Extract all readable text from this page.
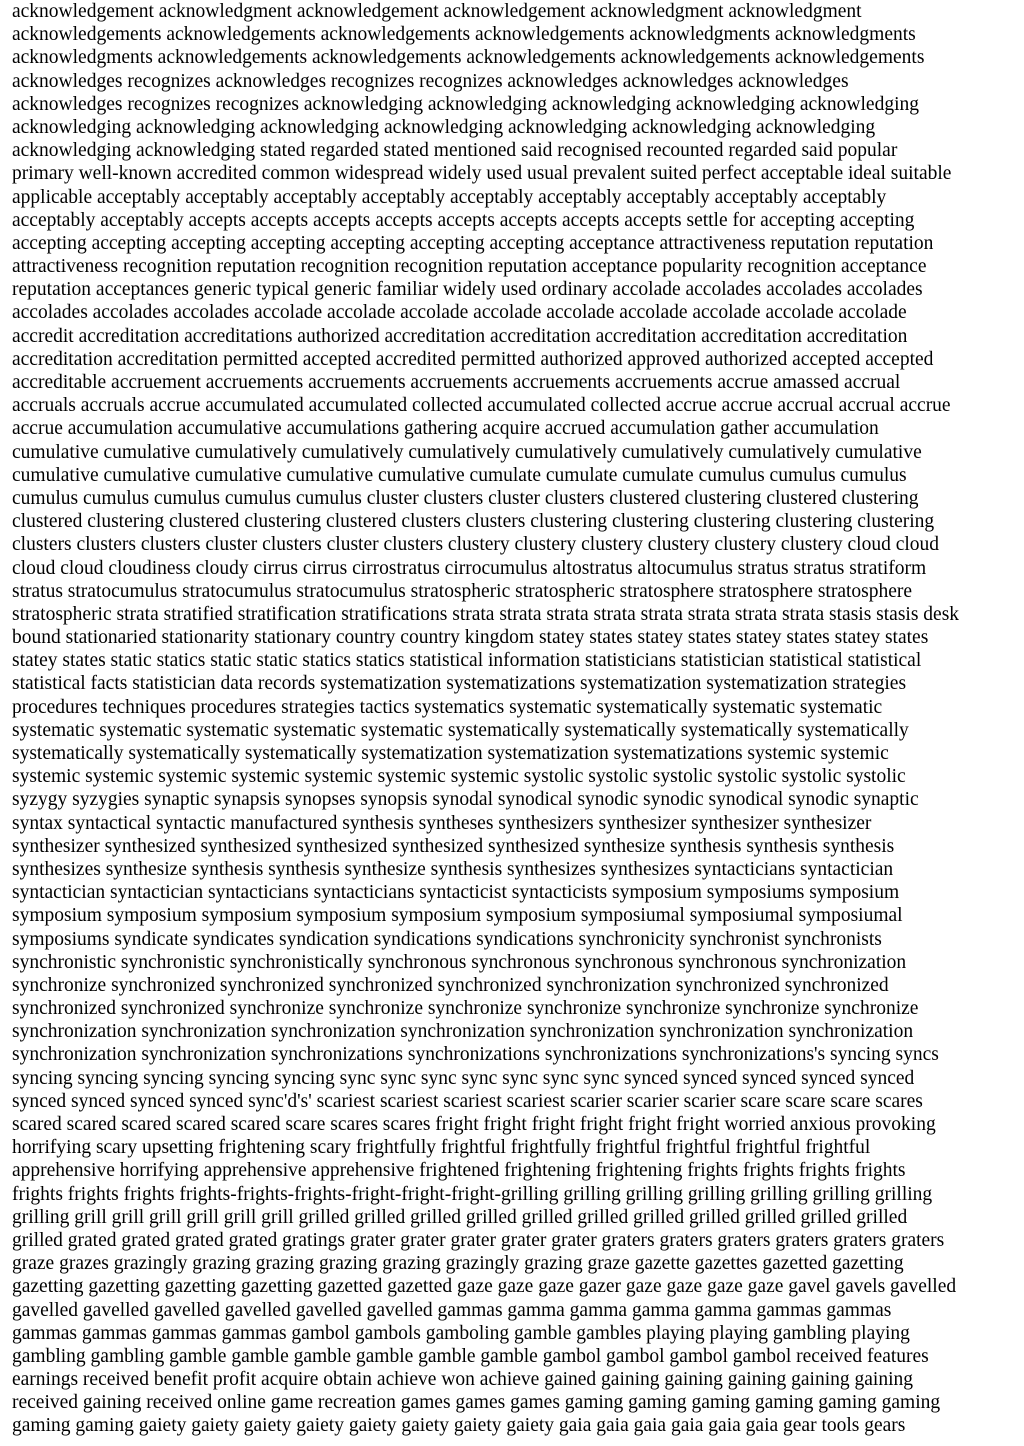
acknowledgement acknowledgment acknowledgement acknowledgement acknowledgment acknowledgment
acknowledgements acknowledgements acknowledgements acknowledgements acknowledgments acknowledgments
acknowledgments acknowledgements acknowledgements acknowledgements acknowledgements acknowledgements
acknowledges recognizes acknowledges recognizes recognizes acknowledges acknowledges acknowledges
acknowledges recognizes recognizes acknowledging acknowledging acknowledging acknowledging acknowledging
acknowledging acknowledging acknowledging acknowledging acknowledging acknowledging acknowledging
acknowledging acknowledging stated regarded stated mentioned said recognised recounted regarded said popular
primary well-known accredited common widespread widely used usual prevalent suited perfect acceptable ideal suitable
applicable acceptably acceptably acceptably acceptably acceptably acceptably acceptably acceptably acceptably
acceptably acceptably accepts accepts accepts accepts accepts accepts accepts accepts settle for accepting accepting
accepting accepting accepting accepting accepting accepting accepting acceptance attractiveness reputation reputation
attractiveness recognition reputation recognition recognition reputation acceptance popularity recognition acceptance
reputation acceptances generic typical generic familiar widely used ordinary accolade accolades accolades accolades
accolades accolades accolades accolade accolade accolade accolade accolade accolade accolade accolade accolade
accredit accreditation accreditations authorized accreditation accreditation accreditation accreditation accreditation
accreditation accreditation permitted accepted accredited permitted authorized approved authorized accepted accepted
accreditable accruement accruements accruements accruements accruements accruements accrue amassed accrual
accruals accruals accrue accumulated accumulated collected accumulated collected accrue accrue accrual accrual accrue
accrue accumulation accumulative accumulations gathering acquire accrued accumulation gather accumulation
cumulative cumulative cumulatively cumulatively cumulatively cumulatively cumulatively cumulatively cumulative
cumulative cumulative cumulative cumulative cumulative cumulate cumulate cumulate cumulus cumulus cumulus
cumulus cumulus cumulus cumulus cumulus cluster clusters cluster clusters clustered clustering clustered clustering
clustered clustering clustered clustering clustered clusters clusters clustering clustering clustering clustering clustering
clusters clusters clusters cluster clusters cluster clusters clustery clustery clustery clustery clustery clustery cloud cloud
cloud cloud cloudiness cloudy cirrus cirrus cirrostratus cirrocumulus altostratus altocumulus stratus stratus stratiform
stratus stratocumulus stratocumulus stratocumulus stratospheric stratospheric stratosphere stratosphere stratosphere
stratospheric strata stratified stratification stratifications strata strata strata strata strata strata strata strata stasis stasis desk
bound stationaried stationarity stationary country country kingdom statey states statey states statey states statey states
statey states static statics static static statics statics statistical information statisticians statistician statistical statistical
statistical facts statistician data records systematization systematizations systematization systematization strategies
procedures techniques procedures strategies tactics systematics systematic systematically systematic systematic
systematic systematic systematic systematic systematic systematically systematically systematically systematically
systematically systematically systematically systematization systematization systematizations systemic systemic
systemic systemic systemic systemic systemic systemic systemic systolic systolic systolic systolic systolic systolic
syzygy syzygies synaptic synapsis synopses synopsis synodal synodical synodic synodic synodical synodic synaptic
syntax syntactical syntactic manufactured synthesis syntheses synthesizers synthesizer synthesizer synthesizer
synthesizer synthesized synthesized synthesized synthesized synthesized synthesize synthesis synthesis synthesis
synthesizes synthesize synthesis synthesis synthesize synthesis synthesizes synthesizes syntacticians syntactician
syntactician syntactician syntacticians syntacticians syntacticist syntacticists symposium symposiums symposium
symposium symposium symposium symposium symposium symposium symposiumal symposiumal symposiumal
symposiums syndicate syndicates syndication syndications syndications synchronicity synchronist synchronists
synchronistic synchronistic synchronistically synchronous synchronous synchronous synchronous synchronization
synchronize synchronized synchronized synchronized synchronized synchronization synchronized synchronized
synchronized synchronized synchronize synchronize synchronize synchronize synchronize synchronize synchronize
synchronization synchronization synchronization synchronization synchronization synchronization synchronization
synchronization synchronization synchronizations synchronizations synchronizations synchronizations's syncing syncs
syncing syncing syncing syncing syncing sync sync sync sync sync sync sync synced synced synced synced synced
synced synced synced synced sync'd's' scariest scariest scariest scariest scarier scarier scarier scare scare scare scares
scared scared scared scared scared scare scares scares fright fright fright fright fright fright worried anxious provoking
horrifying scary upsetting frightening scary frightfully frightful frightfully frightful frightful frightful frightful
apprehensive horrifying apprehensive apprehensive frightened frightening frightening frights frights frights frights
frights frights frights frights-frights-frights-fright-fright-fright-grilling grilling grilling grilling grilling grilling grilling
grilling grill grill grill grill grill grill grilled grilled grilled grilled grilled grilled grilled grilled grilled grilled grilled
grilled grated grated grated grated gratings grater grater grater grater grater graters graters graters graters graters graters
graze grazes grazingly grazing grazing grazing grazing grazingly grazing graze gazette gazettes gazetted gazetting
gazetting gazetting gazetting gazetting gazetted gazetted gaze gaze gaze gazer gaze gaze gaze gaze gavel gavels gavelled
gavelled gavelled gavelled gavelled gavelled gavelled gammas gamma gamma gamma gamma gammas gammas
gammas gammas gammas gammas gambol gambols gamboling gamble gambles playing playing gambling playing
gambling gambling gamble gamble gamble gamble gamble gamble gambol gambol gambol gambol received features
earnings received benefit profit acquire obtain achieve won achieve gained gaining gaining gaining gaining gaining
received gaining received online game recreation games games games gaming gaming gaming gaming gaming gaming
gaming gaming gaiety gaiety gaiety gaiety gaiety gaiety gaiety gaiety gaia gaia gaia gaia gaia gaia gear tools gears
